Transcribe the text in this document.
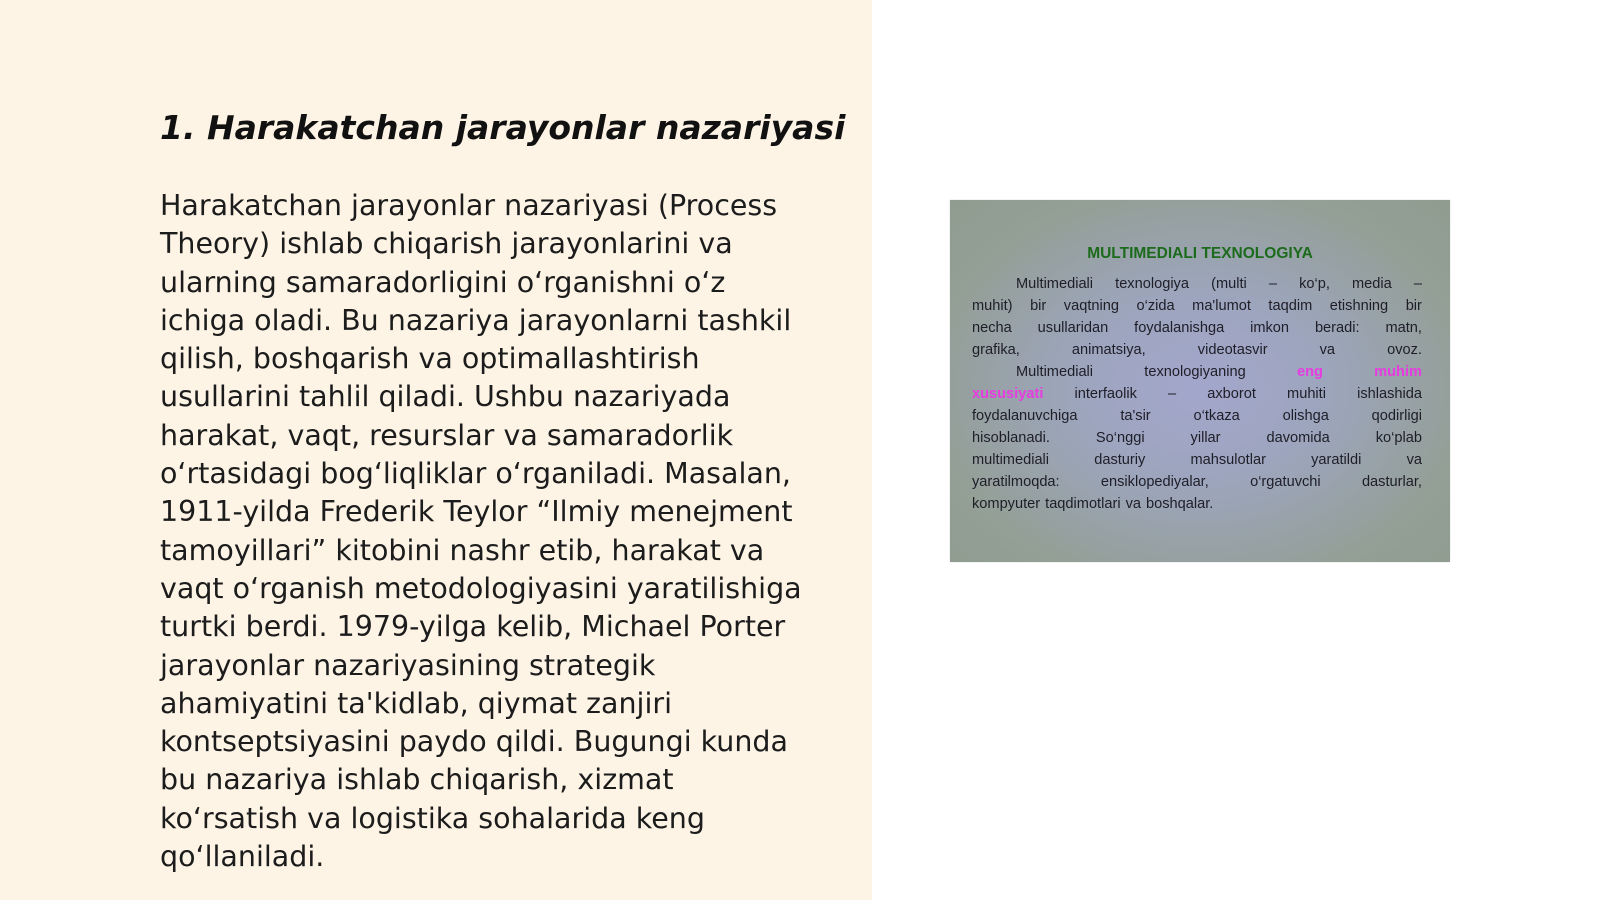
1. Harakatchan jarayonlar nazariyasi
Harakatchan jarayonlar nazariyasi (Process
Theory) ishlab chiqarish jarayonlarini va
ularning samaradorligini o‘rganishni o‘z
ichiga oladi. Bu nazariya jarayonlarni tashkil
qilish, boshqarish va optimallashtirish
usullarini tahlil qiladi. Ushbu nazariyada
harakat, vaqt, resurslar va samaradorlik
o‘rtasidagi bog‘liqliklar o‘rganiladi. Masalan,
1911-yilda Frederik Teylor “Ilmiy menejment
tamoyillari” kitobini nashr etib, harakat va
vaqt o‘rganish metodologiyasini yaratilishiga
turtki berdi. 1979-yilga kelib, Michael Porter
jarayonlar nazariyasining strategik
ahamiyatini ta'kidlab, qiymat zanjiri
kontseptsiyasini paydo qildi. Bugungi kunda
bu nazariya ishlab chiqarish, xizmat
ko‘rsatish va logistika sohalarida keng
qo‘llaniladi.

MULTIMEDIALI TEXNOLOGIYA

Multimediali texnologiya (multi – ko‘p, media –
muhit) bir vaqtning o‘zida ma'lumot taqdim etishning bir
necha usullaridan foydalanishga imkon beradi: matn,
grafika,	animatsiya,	videotasvir	va	ovoz.
Multimediali	texnologiyaning	eng	muhim
xususiyati interfaolik – axborot muhiti ishlashida
foydalanuvchiga	ta'sir	o‘tkaza	olishga	qodirligi
hisoblanadi.	So‘nggi	yillar	davomida	ko‘plab
multimediali	dasturiy	mahsulotlar	yaratildi	va
yaratilmoqda:	ensiklopediyalar,	o‘rgatuvchi	dasturlar,
kompyuter taqdimotlari va boshqalar.
